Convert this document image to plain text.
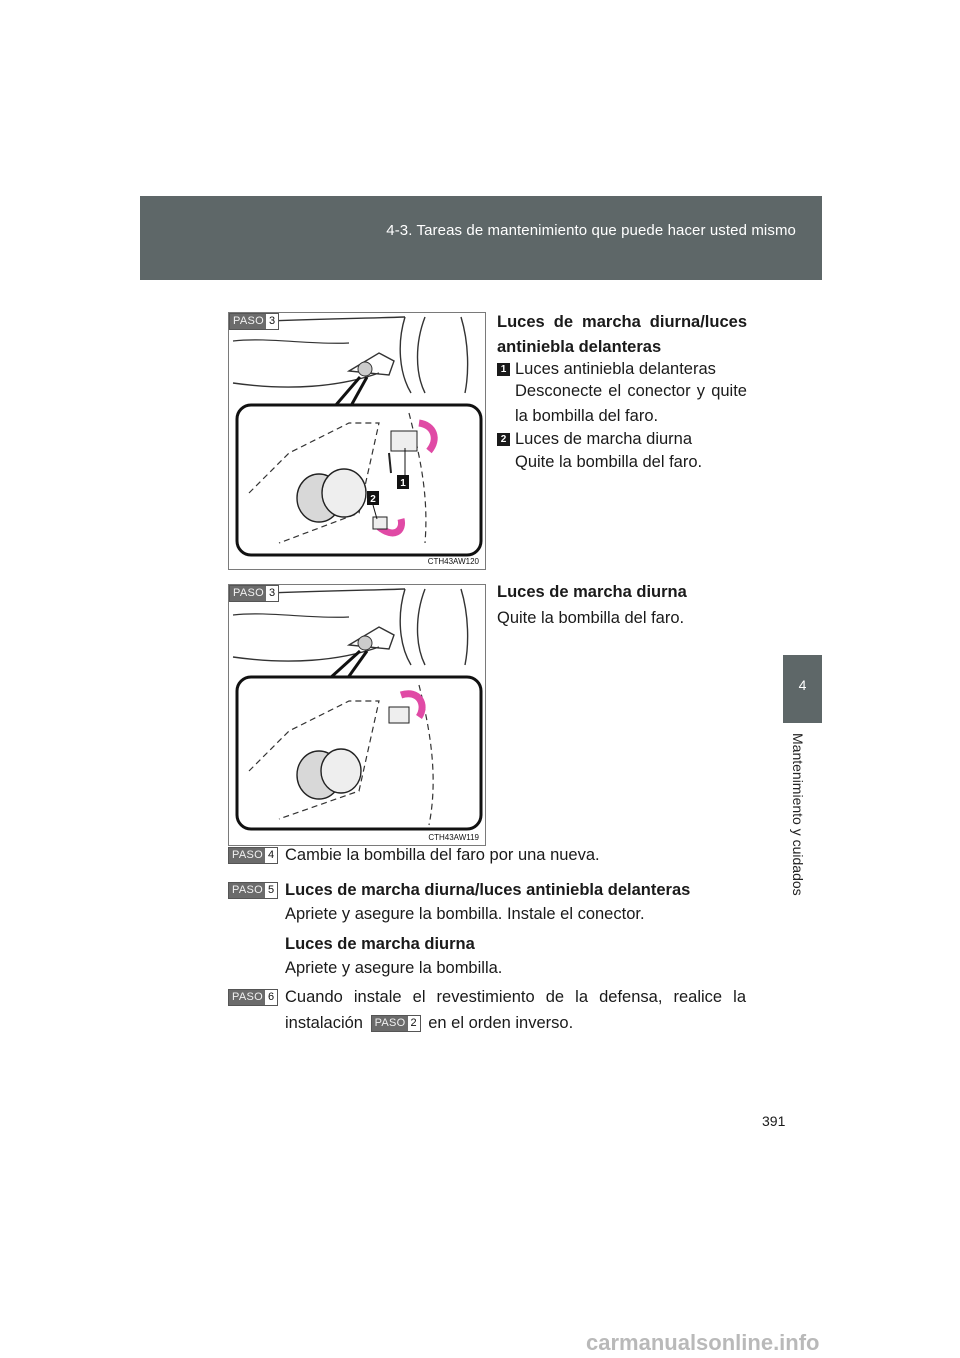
4-3. Tareas de mantenimiento que puede hacer usted mismo
4
Mantenimiento y cuidados
PASO 3
1
2
CTH43AW120
Luces de marcha diurna/luces antiniebla delanteras
1 Luces antiniebla delanteras
Desconecte el conector y quite la bombilla del faro.
2 Luces de marcha diurna
Quite la bombilla del faro.
PASO 3
CTH43AW119
Luces de marcha diurna
Quite la bombilla del faro.
PASO 4 Cambie la bombilla del faro por una nueva.
PASO 5 Luces de marcha diurna/luces antiniebla delanteras
Apriete y asegure la bombilla. Instale el conector.
Luces de marcha diurna
Apriete y asegure la bombilla.
PASO 6 Cuando instale el revestimiento de la defensa, realice la
instalación PASO 2 en el orden inverso.
391
carmanualsonline.info
